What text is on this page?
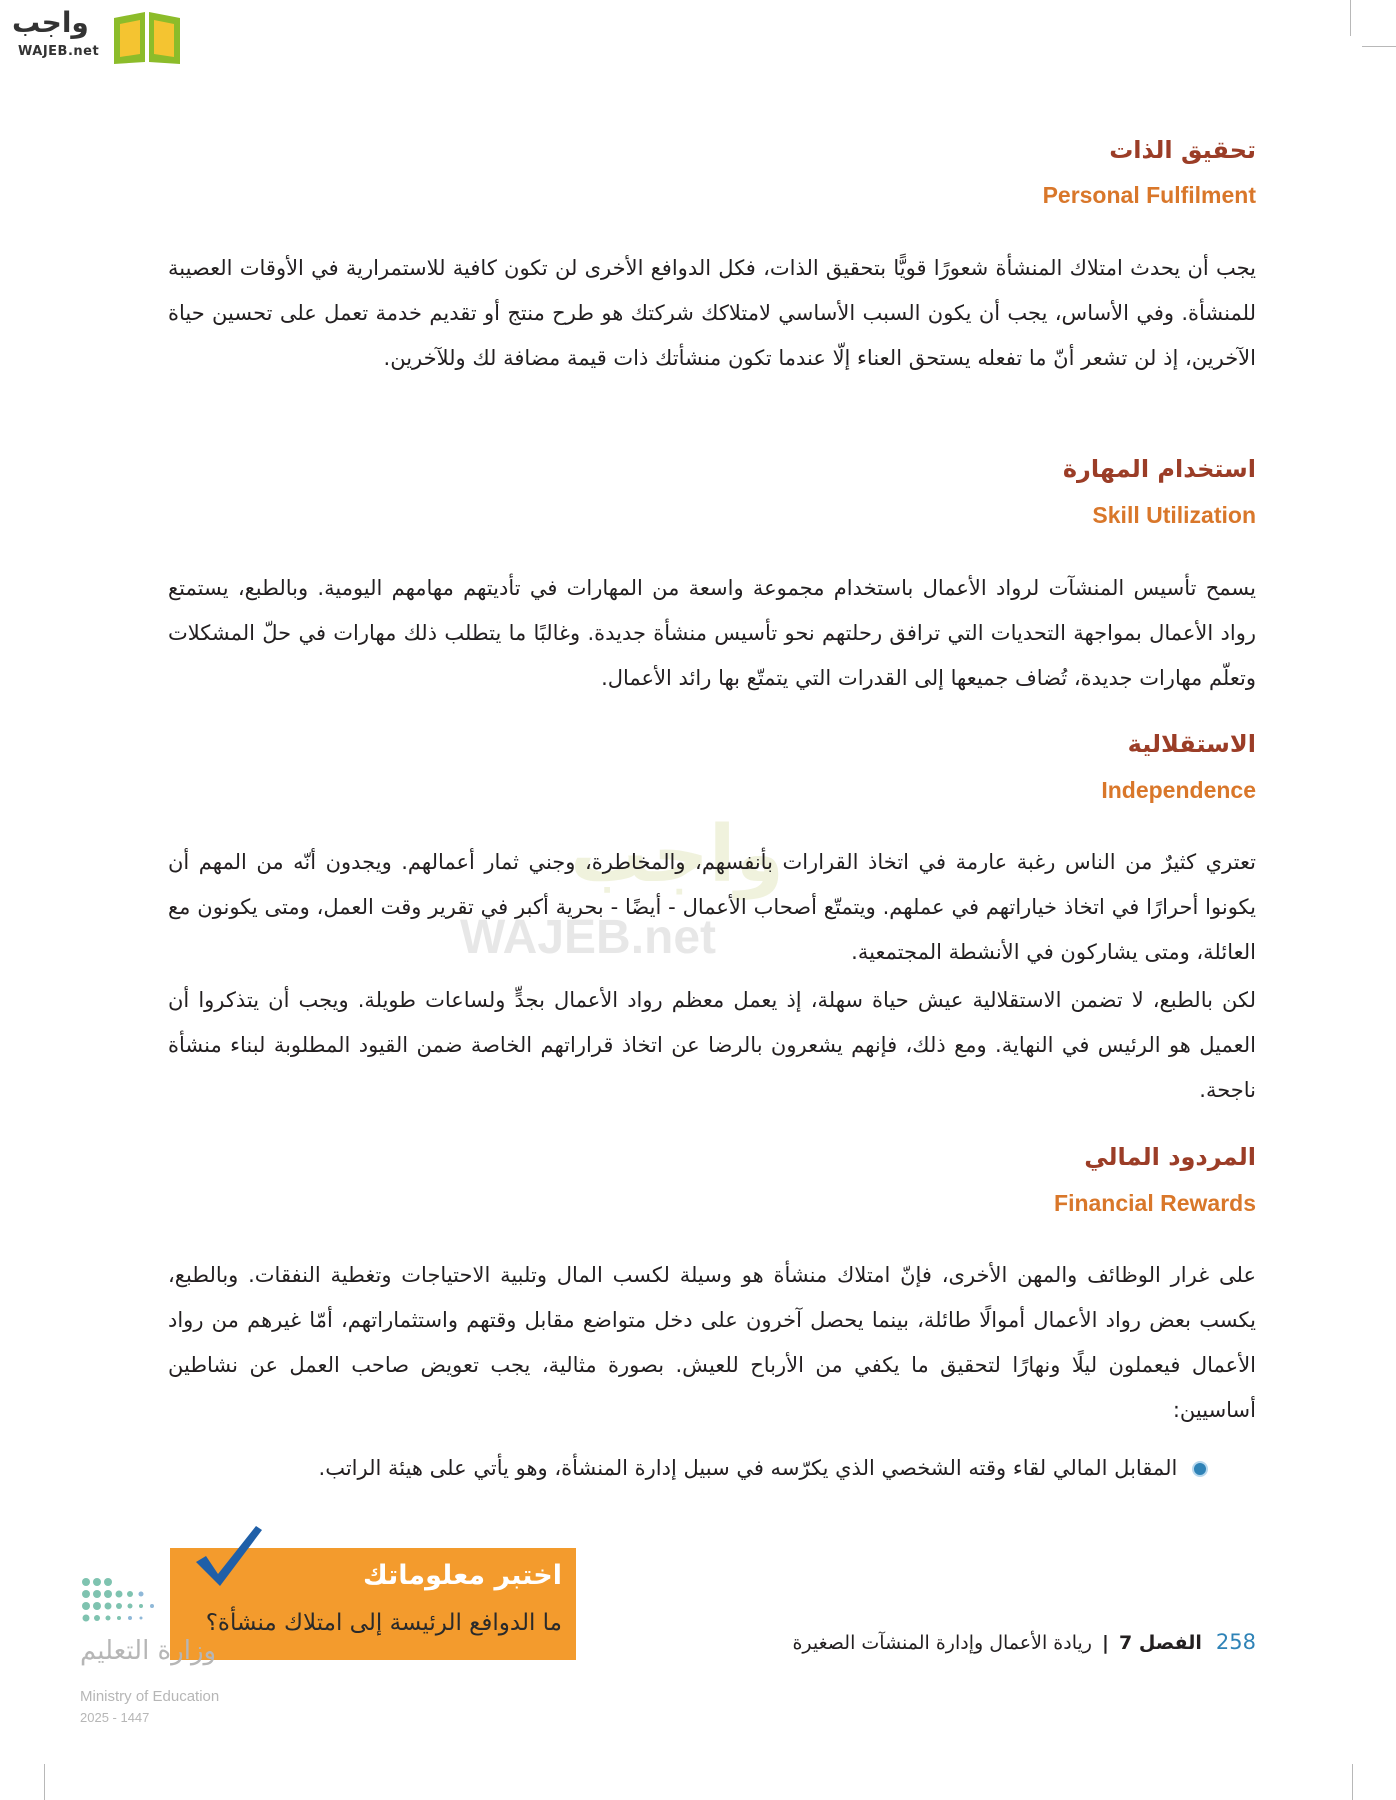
واجب
WAJEB.net
واجب
WAJEB.net
تحقيق الذات
Personal Fulfilment
يجب أن يحدث امتلاك المنشأة شعورًا قويًّا بتحقيق الذات، فكل الدوافع الأخرى لن تكون كافية للاستمرارية في الأوقات العصيبة للمنشأة. وفي الأساس، يجب أن يكون السبب الأساسي لامتلاكك شركتك هو طرح منتج أو تقديم خدمة تعمل على تحسين حياة الآخرين، إذ لن تشعر أنّ ما تفعله يستحق العناء إلّا عندما تكون منشأتك ذات قيمة مضافة لك وللآخرين.
استخدام المهارة
Skill Utilization
يسمح تأسيس المنشآت لرواد الأعمال باستخدام مجموعة واسعة من المهارات في تأديتهم مهامهم اليومية. وبالطبع، يستمتع رواد الأعمال بمواجهة التحديات التي ترافق رحلتهم نحو تأسيس منشأة جديدة. وغالبًا ما يتطلب ذلك مهارات في حلّ المشكلات وتعلّم مهارات جديدة، تُضاف جميعها إلى القدرات التي يتمتّع بها رائد الأعمال.
الاستقلالية
Independence
تعتري كثيرٌ من الناس رغبة عارمة في اتخاذ القرارات بأنفسهم، والمخاطرة، وجني ثمار أعمالهم. ويجدون أنّه من المهم أن يكونوا أحرارًا في اتخاذ خياراتهم في عملهم. ويتمتّع أصحاب الأعمال - أيضًا - بحرية أكبر في تقرير وقت العمل، ومتى يكونون مع العائلة، ومتى يشاركون في الأنشطة المجتمعية.
لكن بالطبع، لا تضمن الاستقلالية عيش حياة سهلة، إذ يعمل معظم رواد الأعمال بجدٍّ ولساعات طويلة. ويجب أن يتذكروا أن العميل هو الرئيس في النهاية. ومع ذلك، فإنهم يشعرون بالرضا عن اتخاذ قراراتهم الخاصة ضمن القيود المطلوبة لبناء منشأة ناجحة.
المردود المالي
Financial Rewards
على غرار الوظائف والمهن الأخرى، فإنّ امتلاك منشأة هو وسيلة لكسب المال وتلبية الاحتياجات وتغطية النفقات. وبالطبع، يكسب بعض رواد الأعمال أموالًا طائلة، بينما يحصل آخرون على دخل متواضع مقابل وقتهم واستثماراتهم، أمّا غيرهم من رواد الأعمال فيعملون ليلًا ونهارًا لتحقيق ما يكفي من الأرباح للعيش. بصورة مثالية، يجب تعويض صاحب العمل عن نشاطين أساسيين:
المقابل المالي لقاء وقته الشخصي الذي يكرّسه في سبيل إدارة المنشأة، وهو يأتي على هيئة الراتب.
اختبر معلوماتك
ما الدوافع الرئيسة إلى امتلاك منشأة؟
وزارة التعليم
Ministry of Education
2025 - 1447
258 الفصل 7 | ريادة الأعمال وإدارة المنشآت الصغيرة
